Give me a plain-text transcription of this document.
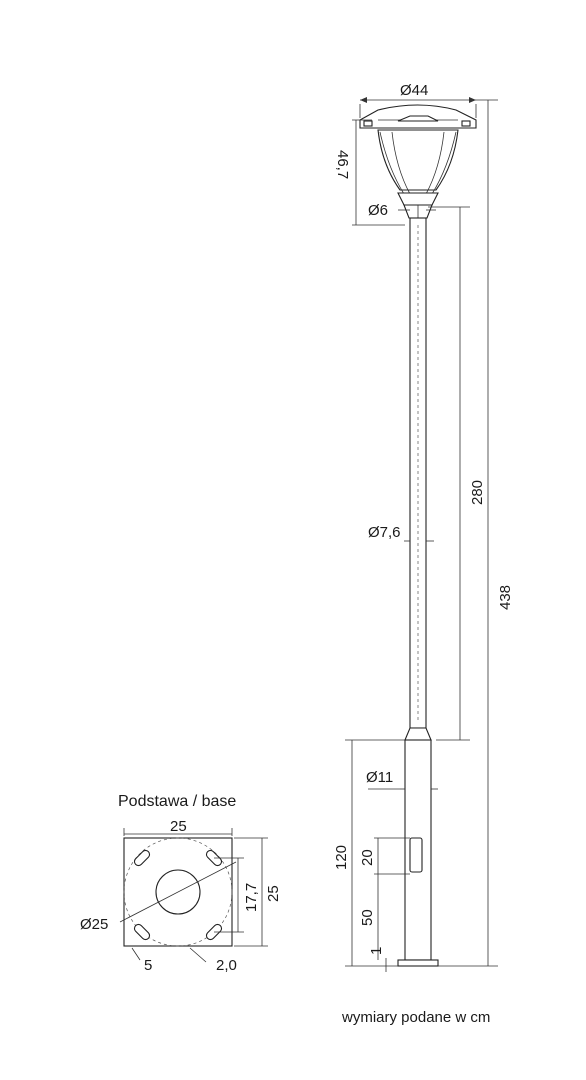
Ø44
46,7
Ø6
280
Ø7,6
438
Ø11
120 20
50
1
Podstawa / base
25
25
17,7
Ø25
5	2,0
wymiary podane w cm
